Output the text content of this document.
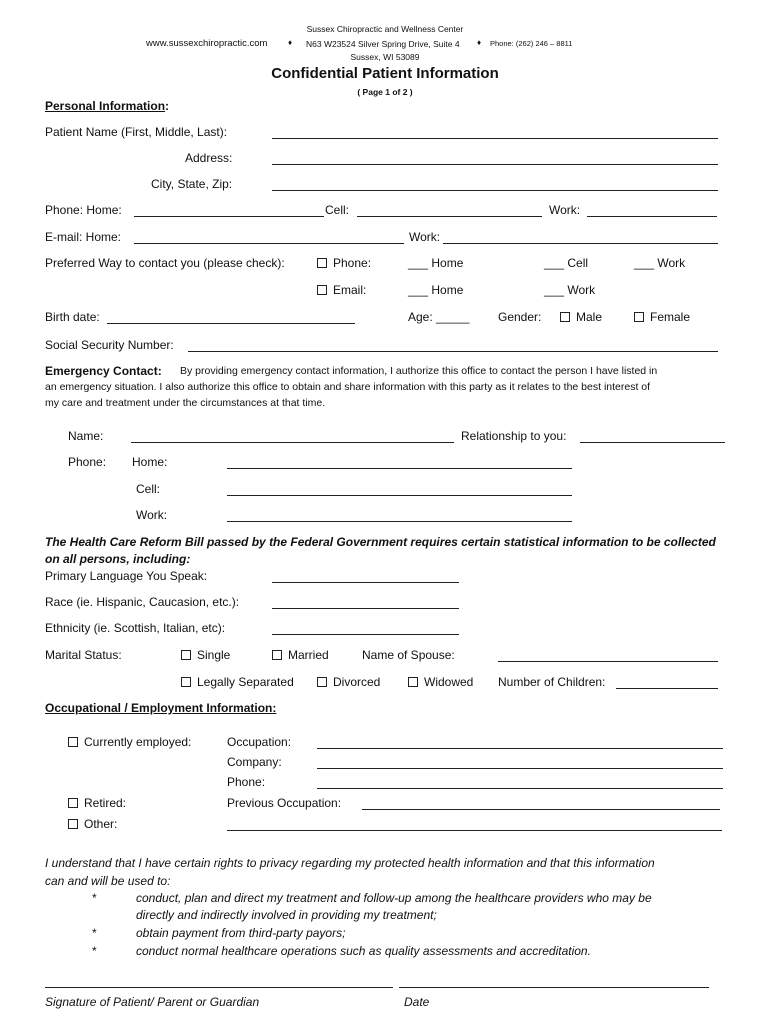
Sussex Chiropractic and Wellness Center
www.sussexchiropractic.com	♦ N63 W23524 Silver Spring Drive, Suite 4 ♦ Phone: (262) 246 – 8811
Sussex, WI 53089
Confidential Patient Information
( Page 1 of 2 )
Personal Information:
Patient Name (First, Middle, Last):
Address:
City, State, Zip:
Phone: Home:	Cell:	Work:
E-mail: Home:	Work:
Preferred Way to contact you (please check):	Phone:	___ Home	___ Cell	___ Work
Email:	___ Home	___ Work
Birth date:	Age: _____ Gender:	Male	Female
Social Security Number:
Emergency Contact: By providing emergency contact information, I authorize this office to contact the person I have listed in
an emergency situation. I also authorize this office to obtain and share information with this party as it relates to the best interest of
my care and treatment under the circumstances at that time.
Name:	Relationship to you:
Phone: Home:
Cell:
Work:
The Health Care Reform Bill passed by the Federal Government requires certain statistical information to be collected
on all persons, including:
Primary Language You Speak:
Race (ie. Hispanic, Caucasion, etc.):
Ethnicity (ie. Scottish, Italian, etc):
Marital Status:	Single	Married	Name of Spouse:
Legally Separated	Divorced	Widowed Number of Children:
Occupational / Employment Information:
Currently employed:	Occupation:
Company:
Phone:
Retired:	Previous Occupation:
Other:
I understand that I have certain rights to privacy regarding my protected health information and that this information
can and will be used to:
*	conduct, plan and direct my treatment and follow-up among the healthcare providers who may be
directly and indirectly involved in providing my treatment;
*	obtain payment from third-party payors;
*	conduct normal healthcare operations such as quality assessments and accreditation.
Signature of Patient/ Parent or Guardian	Date
